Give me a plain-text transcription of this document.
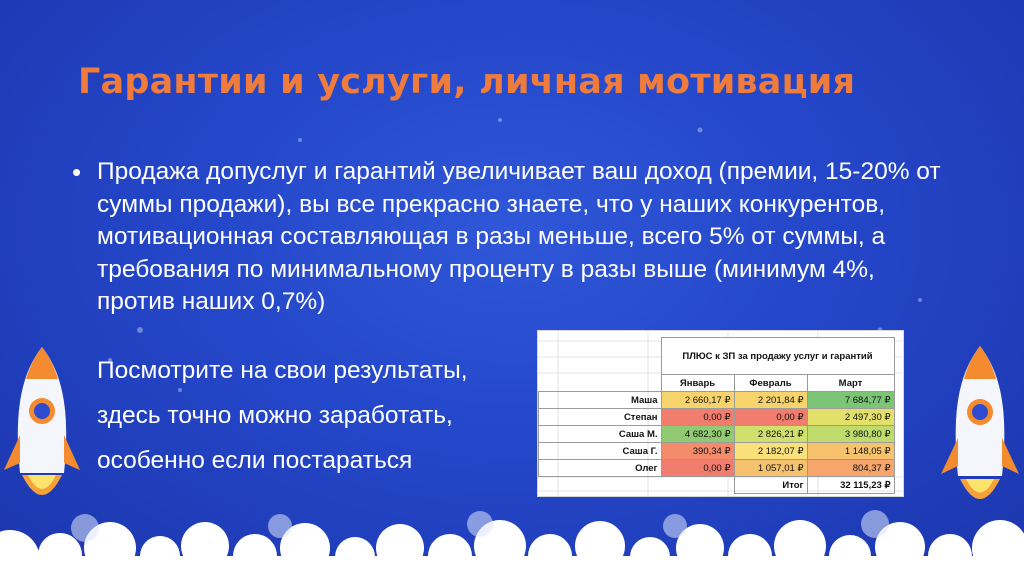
Гарантии и услуги, личная мотивация
• Продажа допуслуг и гарантий увеличивает ваш доход (премии, 15-20% от суммы продажи), вы все прекрасно знаете, что у наших конкурентов, мотивационная составляющая в разы меньше, всего 5% от суммы, а требования по минимальному проценту в разы выше (минимум 4%, против наших 0,7%)
Посмотрите на свои результаты,
здесь точно можно заработать,
особенно если постараться
	ПЛЮС к ЗП за продажу услуг и гарантий		
	Январь	Февраль	Март
Маша	2 660,17 ₽	2 201,84 ₽	7 684,77 ₽
Степан	0,00 ₽	0,00 ₽	2 497,30 ₽
Саша М.	4 682,30 ₽	2 826,21 ₽	3 980,80 ₽
Саша Г.	390,34 ₽	2 182,07 ₽	1 148,05 ₽
Олег	0,00 ₽	1 057,01 ₽	804,37 ₽
		Итог	32 115,23 ₽
